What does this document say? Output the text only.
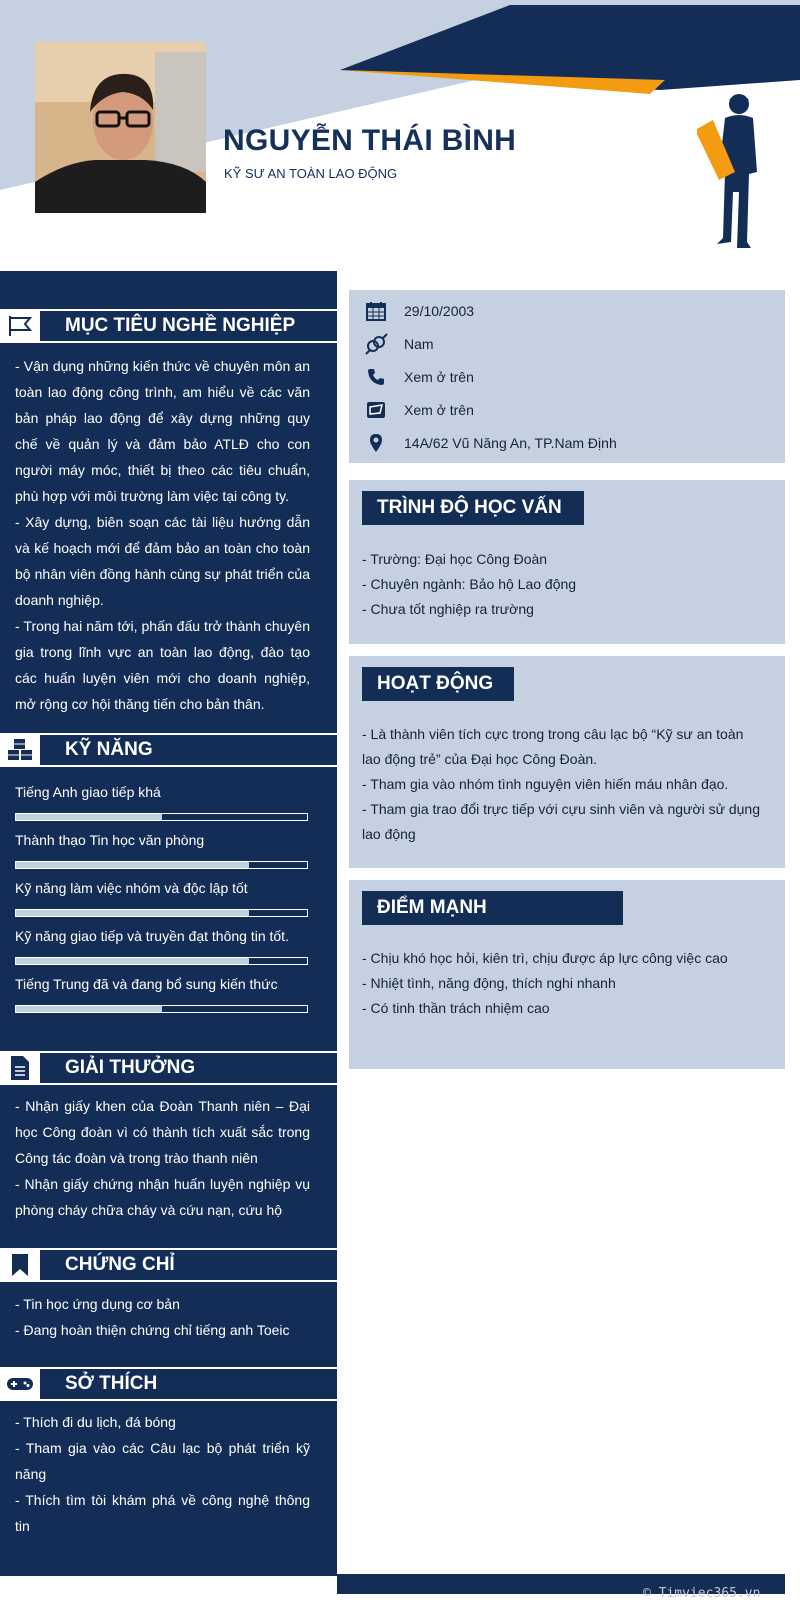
NGUYỄN THÁI BÌNH
KỸ SƯ AN TOÀN LAO ĐỘNG
MỤC TIÊU NGHỀ NGHIỆP

- Vận dụng những kiến thức về chuyên môn an toàn lao động công trình, am hiểu về các văn bản pháp lao động để xây dựng những quy chế về quản lý và đảm bảo ATLĐ cho con người máy móc, thiết bị theo các tiêu chuẩn, phù hợp với môi trường làm việc tại công ty.

- Xây dựng, biên soạn các tài liệu hướng dẫn và kế hoạch mới để đảm bảo an toàn cho toàn bộ nhân viên đồng hành cùng sự phát triển của doanh nghiệp.

- Trong hai năm tới, phấn đấu trở thành chuyên gia trong lĩnh vực an toàn lao động, đào tạo các huấn luyện viên mới cho doanh nghiệp, mở rộng cơ hội thăng tiến cho bản thân.

KỸ NĂNG
Tiếng Anh giao tiếp khá
Thành thạo Tin học văn phòng
Kỹ năng làm việc nhóm và độc lập tốt
Kỹ năng giao tiếp và truyền đạt thông tin tốt.
Tiếng Trung đã và đang bổ sung kiến thức
GIẢI THƯỞNG

- Nhận giấy khen của Đoàn Thanh niên – Đại học Công đoàn vì có thành tích xuất sắc trong Công tác đoàn và trong trào thanh niên

- Nhận giấy chứng nhận huấn luyện nghiệp vụ phòng cháy chữa cháy và cứu nạn, cứu hộ

CHỨNG CHỈ

- Tin học ứng dụng cơ bản

- Đang hoàn thiện chứng chỉ tiếng anh Toeic

SỞ THÍCH

- Thích đi du lịch, đá bóng

- Tham gia vào các Câu lạc bộ phát triển kỹ năng

- Thích tìm tòi khám phá về công nghệ thông tin

29/10/2003
Nam
Xem ở trên
Xem ở trên
14A/62 Vũ Năng An, TP.Nam Định
TRÌNH ĐỘ HỌC VẤN

- Trường: Đại học Công Đoàn

- Chuyên ngành: Bảo hộ Lao động

- Chưa tốt nghiệp ra trường

HOẠT ĐỘNG

- Là thành viên tích cực trong trong câu lạc bộ “Kỹ sư an toàn lao động trẻ” của Đại học Công Đoàn.

- Tham gia vào nhóm tình nguyện viên hiến máu nhân đạo.

- Tham gia trao đổi trực tiếp với cựu sinh viên và người sử dụng lao động

ĐIỂM MẠNH

- Chịu khó học hỏi, kiên trì, chịu được áp lực công việc cao

- Nhiệt tình, năng động, thích nghi nhanh

- Có tinh thần trách nhiệm cao

© Timviec365.vn
